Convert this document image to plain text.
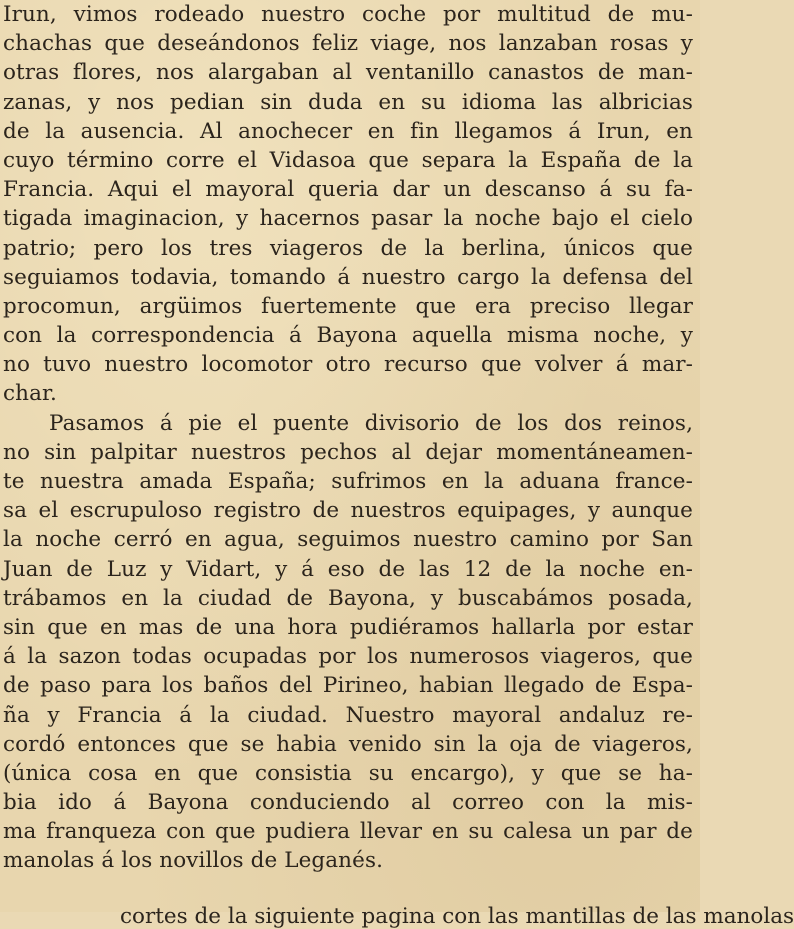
Irun, vimos rodeado nuestro coche por multitud de mu-
chachas que deseándonos feliz viage, nos lanzaban rosas y
otras flores, nos alargaban al ventanillo canastos de man-
zanas, y nos pedian sin duda en su idioma las albricias
de la ausencia. Al anochecer en fin llegamos á Irun, en
cuyo término corre el Vidasoa que separa la España de la
Francia. Aqui el mayoral queria dar un descanso á su fa-
tigada imaginacion, y hacernos pasar la noche bajo el cielo
patrio; pero los tres viageros de la berlina, únicos que
seguiamos todavia, tomando á nuestro cargo la defensa del
procomun, argüimos fuertemente que era preciso llegar
con la correspondencia á Bayona aquella misma noche, y
no tuvo nuestro locomotor otro recurso que volver á mar-
char.
Pasamos á pie el puente divisorio de los dos reinos,
no sin palpitar nuestros pechos al dejar momentáneamen-
te nuestra amada España; sufrimos en la aduana france-
sa el escrupuloso registro de nuestros equipages, y aunque
la noche cerró en agua, seguimos nuestro camino por San
Juan de Luz y Vidart, y á eso de las 12 de la noche en-
trábamos en la ciudad de Bayona, y buscabámos posada,
sin que en mas de una hora pudiéramos hallarla por estar
á la sazon todas ocupadas por los numerosos viageros, que
de paso para los baños del Pirineo, habian llegado de Espa-
ña y Francia á la ciudad. Nuestro mayoral andaluz re-
cordó entonces que se habia venido sin la oja de viageros,
(única cosa en que consistia su encargo), y que se ha-
bia ido á Bayona conduciendo al correo con la mis-
ma franqueza con que pudiera llevar en su calesa un par de
manolas á los novillos de Leganés.
cortes de la siguiente pagina con las mantillas de las manolas
